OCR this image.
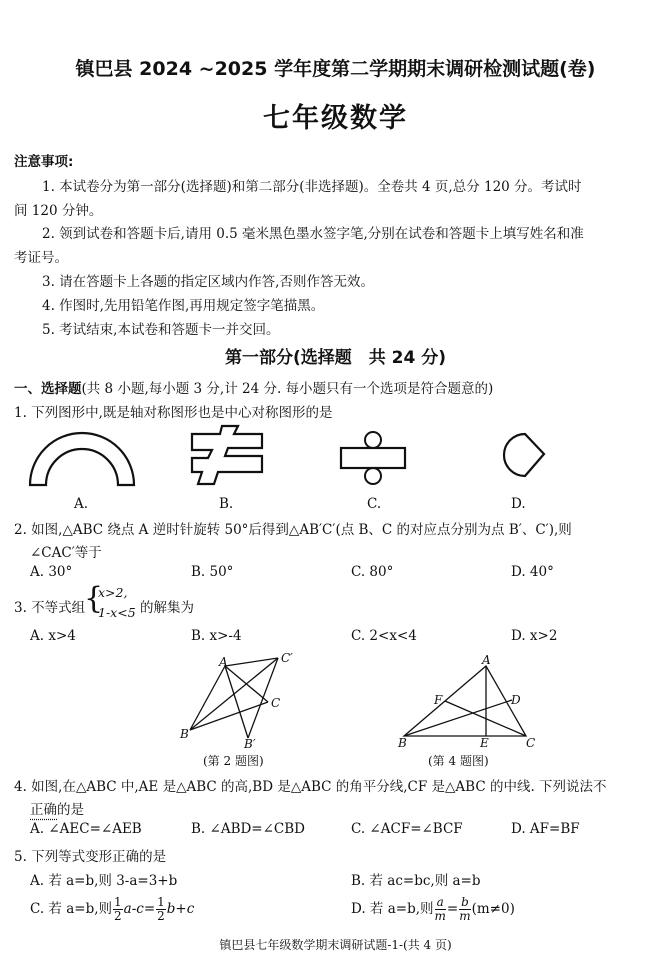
镇巴县 2024 ~2025 学年度第二学期期末调研检测试题(卷)
七年级数学
注意事项:
1. 本试卷分为第一部分(选择题)和第二部分(非选择题)。全卷共 4 页,总分 120 分。考试时
间 120 分钟。
2. 领到试卷和答题卡后,请用 0.5 毫米黑色墨水签字笔,分别在试卷和答题卡上填写姓名和准
考证号。
3. 请在答题卡上各题的指定区域内作答,否则作答无效。
4. 作图时,先用铅笔作图,再用规定签字笔描黑。
5. 考试结束,本试卷和答题卡一并交回。
第一部分(选择题　共 24 分)
一、选择题(共 8 小题,每小题 3 分,计 24 分. 每小题只有一个选项是符合题意的)
1. 下列图形中,既是轴对称图形也是中心对称图形的是
A.	B.	C.	D.
2. 如图,△ABC 绕点 A 逆时针旋转 50°后得到△AB′C′(点 B、C 的对应点分别为点 B′、C′),则
∠CAC′等于
A. 30°	B. 50°	C. 80°	D. 40°
3. 不等式组
{
x>2,
1-x<5 的解集为
A. x>4	B. x>-4	C. 2<x<4	D. x>2
A	C′
C
B
B′
(第 2 题图)
A
F	D
B	E	C
(第 4 题图)
4. 如图,在△ABC 中,AE 是△ABC 的高,BD 是△ABC 的角平分线,CF 是△ABC 的中线. 下列说法不
正确的是
A. ∠AEC=∠AEB	B. ∠ABD=∠CBD	C. ∠ACF=∠BCF	D. AF=BF
5. 下列等式变形正确的是
A. 若 a=b,则 3-a=3+b	B. 若 ac=bc,则 a=b
C. 若 a=b,则 $\frac{1}{2} a-c= \frac{1}{2} b+c$	D. 若 a=b,则 $\frac{a}{m} = \frac{b}{m} (m\ne 0)$
镇巴县七年级数学期末调研试题-1-(共 4 页)
